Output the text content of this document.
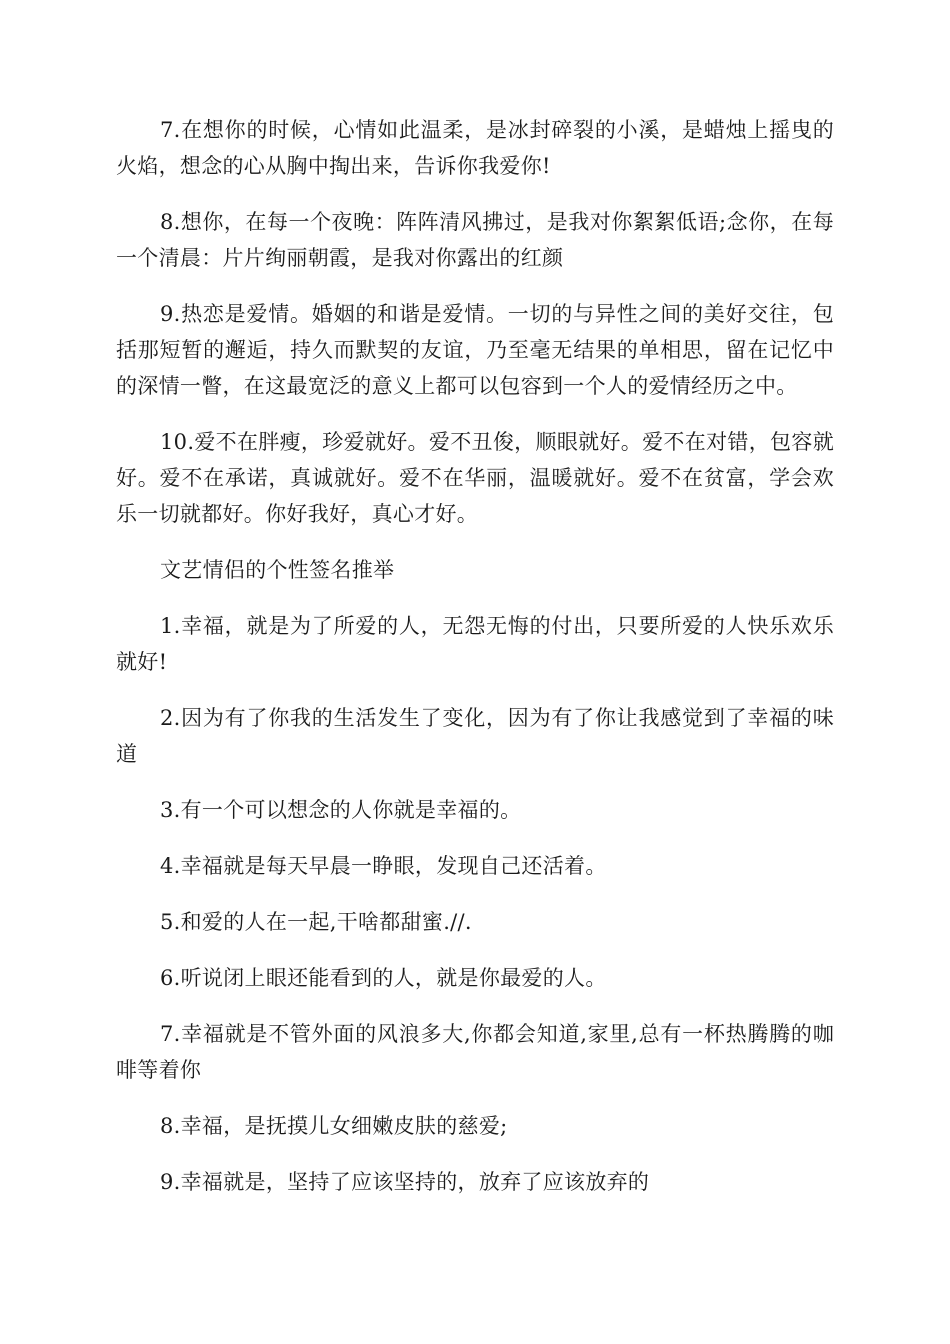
7.在想你的时候，心情如此温柔，是冰封碎裂的小溪，是蜡烛上摇曳的火焰，想念的心从胸中掏出来，告诉你我爱你!

8.想你，在每一个夜晚：阵阵清风拂过，是我对你絮絮低语;念你，在每一个清晨：片片绚丽朝霞，是我对你露出的红颜

9.热恋是爱情。婚姻的和谐是爱情。一切的与异性之间的美好交往，包括那短暂的邂逅，持久而默契的友谊，乃至毫无结果的单相思，留在记忆中的深情一瞥，在这最宽泛的意义上都可以包容到一个人的爱情经历之中。

10.爱不在胖瘦，珍爱就好。爱不丑俊，顺眼就好。爱不在对错，包容就好。爱不在承诺，真诚就好。爱不在华丽，温暖就好。爱不在贫富，学会欢乐一切就都好。你好我好，真心才好。

文艺情侣的个性签名推举

1.幸福，就是为了所爱的人，无怨无悔的付出，只要所爱的人快乐欢乐就好!

2.因为有了你我的生活发生了变化，因为有了你让我感觉到了幸福的味道

3.有一个可以想念的人你就是幸福的。

4.幸福就是每天早晨一睁眼，发现自己还活着。

5.和爱的人在一起,干啥都甜蜜.//.

6.听说闭上眼还能看到的人，就是你最爱的人。

7.幸福就是不管外面的风浪多大,你都会知道,家里,总有一杯热腾腾的咖啡等着你

8.幸福，是抚摸儿女细嫩皮肤的慈爱;

9.幸福就是，坚持了应该坚持的，放弃了应该放弃的
